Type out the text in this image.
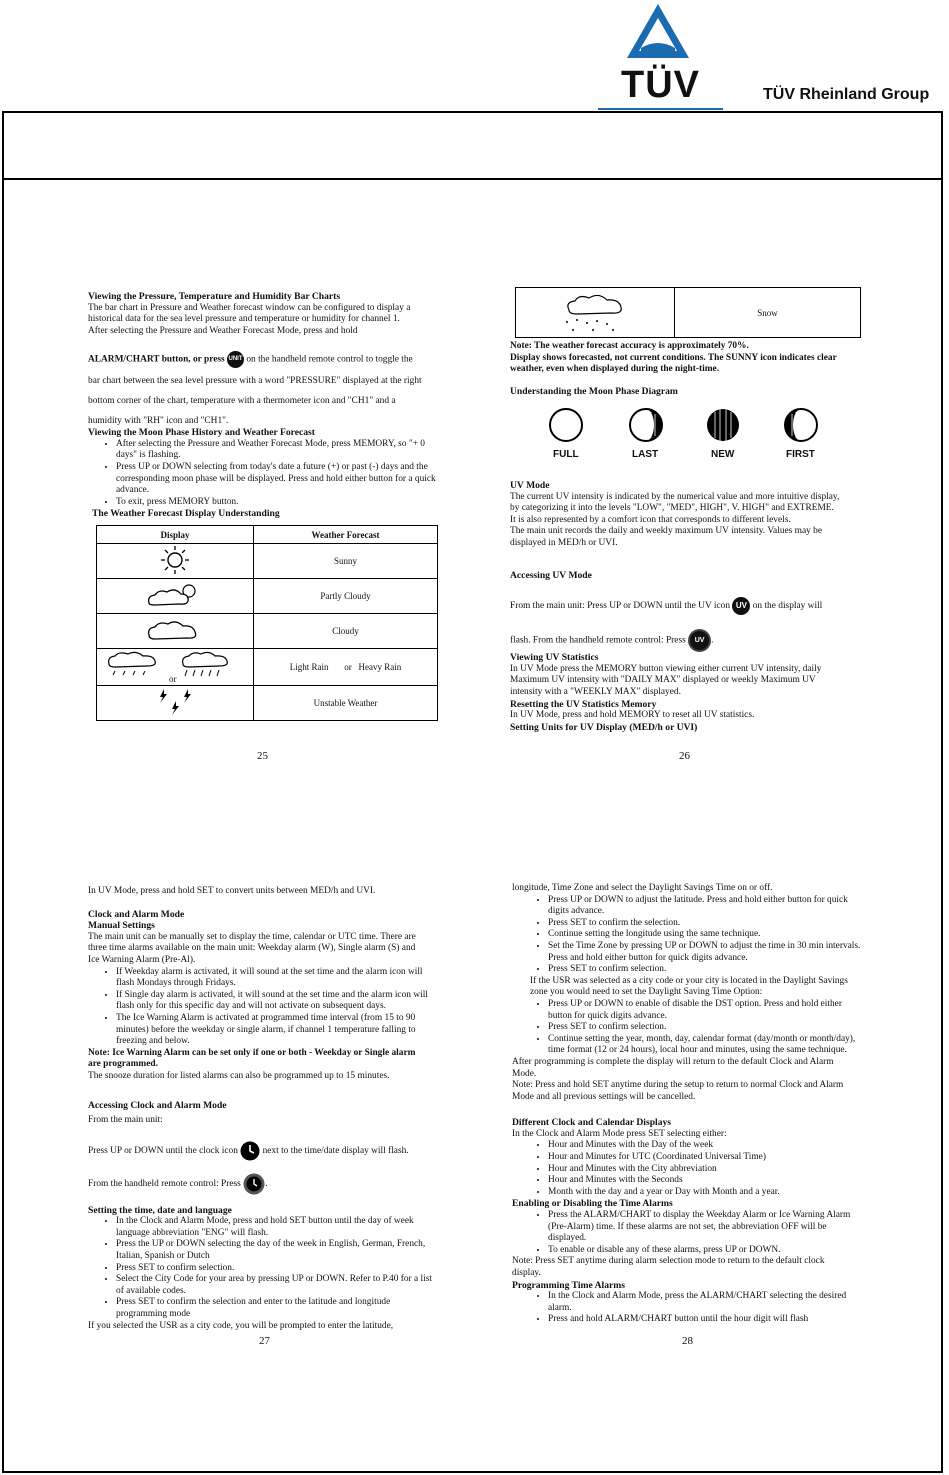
TÜV	TÜV Rheinland Group
Viewing the Pressure, Temperature and Humidity Bar Charts

The bar chart in Pressure and Weather forecast window can be configured to display a

historical data for the sea level pressure and temperature or humidity for channel 1.

After selecting the Pressure and Weather Forecast Mode, press and hold

ALARM/CHART button, or press UNIT on the handheld remote control to toggle the

bar chart between the sea level pressure with a word "PRESSURE" displayed at the right

bottom corner of the chart, temperature with a thermometer icon and "CH1" and a

humidity with "RH" icon and "CH1".

Viewing the Moon Phase History and Weather Forecast
• After selecting the Pressure and Weather Forecast Mode, press MEMORY, so "+ 0 days" is flashing.
• Press UP or DOWN selecting from today's date a future (+) or past (-) days and the corresponding moon phase will be displayed. Press and hold either button for a quick advance.
• To exit, press MEMORY button.
The Weather Forecast Display Understanding
Display	Weather Forecast
	Sunny
	Partly Cloudy
	Cloudy
or	Light Rain       or   Heavy Rain
	Unstable Weather
25
	Snow

Note: The weather forecast accuracy is approximately 70%.

Display shows forecasted, not current conditions. The SUNNY icon indicates clear

weather, even when displayed during the night-time.

Understanding the Moon Phase Diagram
FULL	LAST	NEW	FIRST
UV Mode

The current UV intensity is indicated by the numerical value and more intuitive display,

by categorizing it into the levels "LOW", "MED", HIGH", V. HIGH" and EXTREME.

It is also represented by a comfort icon that corresponds to different levels.

The main unit records the daily and weekly maximum UV intensity. Values may be

displayed in MED/h or UVI.

Accessing UV Mode

From the main unit: Press UP or DOWN until the UV icon UV on the display will

flash. From the handheld remote control: Press UV .

Viewing UV Statistics

In UV Mode press the MEMORY button viewing either current UV intensity, daily

Maximum UV intensity with "DAILY MAX" displayed or weekly Maximum UV

intensity with a "WEEKLY MAX" displayed.

Resetting the UV Statistics Memory

In UV Mode, press and hold MEMORY to reset all UV statistics.

Setting Units for UV Display (MED/h or UVI)
26

In UV Mode, press and hold SET to convert units between MED/h and UVI.

Clock and Alarm Mode
Manual Settings

The main unit can be manually set to display the time, calendar or UTC time. There are

three time alarms available on the main unit: Weekday alarm (W), Single alarm (S) and

Ice Warning Alarm (Pre-Al).

• If Weekday alarm is activated, it will sound at the set time and the alarm icon will flash Mondays through Fridays.
• If Single day alarm is activated, it will sound at the set time and the alarm icon will flash only for this specific day and will not activate on subsequent days.
• The Ice Warning Alarm is activated at programmed time interval (from 15 to 90 minutes) before the weekday or single alarm, if channel 1 temperature falling to freezing and below.

Note: Ice Warning Alarm can be set only if one or both - Weekday or Single alarm

are programmed.

The snooze duration for listed alarms can also be programmed up to 15 minutes.

Accessing Clock and Alarm Mode

From the main unit:

Press UP or DOWN until the clock icon	next to the time/date display will flash.

From the handheld remote control: Press	.

Setting the time, date and language
• In the Clock and Alarm Mode, press and hold SET button until the day of week language abbreviation "ENG" will flash.
• Press the UP or DOWN selecting the day of the week in English, German, French, Italian, Spanish or Dutch
• Press SET to confirm selection.
• Select the City Code for your area by pressing UP or DOWN. Refer to P.40 for a list of available codes.
• Press SET to confirm the selection and enter to the latitude and longitude programming mode

If you selected the USR as a city code, you will be prompted to enter the latitude,

27

longitude, Time Zone and select the Daylight Savings Time on or off.

• Press UP or DOWN to adjust the latitude. Press and hold either button for quick digits advance.
• Press SET to confirm the selection.
• Continue setting the longitude using the same technique.
• Set the Time Zone by pressing UP or DOWN to adjust the time in 30 min intervals. Press and hold either button for quick digits advance.
• Press SET to confirm selection.

If the USR was selected as a city code or your city is located in the Daylight Savings

zone you would need to set the Daylight Saving Time Option:

• Press UP or DOWN to enable of disable the DST option. Press and hold either button for quick digits advance.
• Press SET to confirm selection.
• Continue setting the year, month, day, calendar format (day/month or month/day), time format (12 or 24 hours), local hour and minutes, using the same technique.

After programming is complete the display will return to the default Clock and Alarm

Mode.

Note: Press and hold SET anytime during the setup to return to normal Clock and Alarm

Mode and all previous settings will be cancelled.

Different Clock and Calendar Displays

In the Clock and Alarm Mode press SET selecting either:

• Hour and Minutes with the Day of the week
• Hour and Minutes for UTC (Coordinated Universal Time)
• Hour and Minutes with the City abbreviation
• Hour and Minutes with the Seconds
• Month with the day and a year or Day with Month and a year.
Enabling or Disabling the Time Alarms
• Press the ALARM/CHART to display the Weekday Alarm or Ice Warning Alarm (Pre-Alarm) time. If these alarms are not set, the abbreviation OFF will be displayed.
• To enable or disable any of these alarms, press UP or DOWN.

Note: Press SET anytime during alarm selection mode to return to the default clock

display.

Programming Time Alarms
• In the Clock and Alarm Mode, press the ALARM/CHART selecting the desired alarm.
• Press and hold ALARM/CHART button until the hour digit will flash
28
